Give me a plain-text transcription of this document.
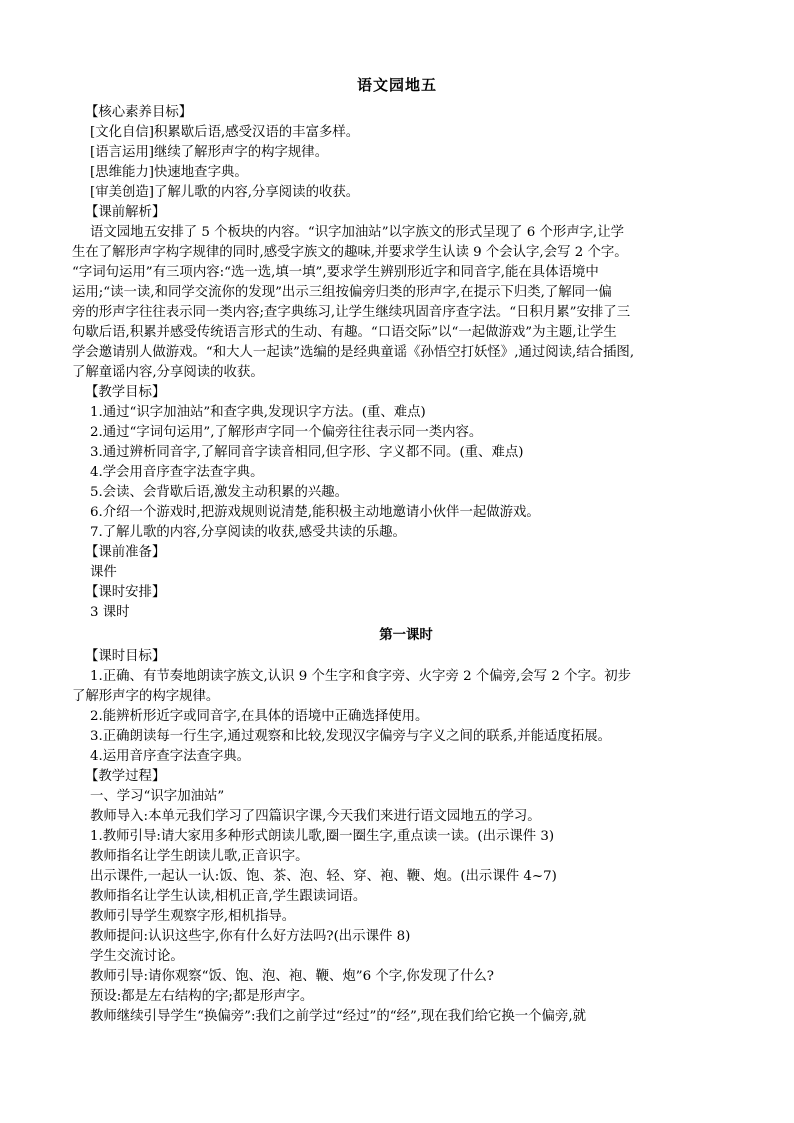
语文园地五
【核心素养目标】
[文化自信]积累歇后语,感受汉语的丰富多样。
[语言运用]继续了解形声字的构字规律。
[思维能力]快速地查字典。
[审美创造]了解儿歌的内容,分享阅读的收获。
【课前解析】
语文园地五安排了 5 个板块的内容。“识字加油站”以字族文的形式呈现了 6 个形声字,让学
生在了解形声字构字规律的同时,感受字族文的趣味,并要求学生认读 9 个会认字,会写 2 个字。
“字词句运用”有三项内容:“选一选,填一填”,要求学生辨别形近字和同音字,能在具体语境中
运用;“读一读,和同学交流你的发现”出示三组按偏旁归类的形声字,在提示下归类,了解同一偏
旁的形声字往往表示同一类内容;查字典练习,让学生继续巩固音序查字法。“日积月累”安排了三
句歇后语,积累并感受传统语言形式的生动、有趣。“口语交际”以“一起做游戏”为主题,让学生
学会邀请别人做游戏。“和大人一起读”选编的是经典童谣《孙悟空打妖怪》,通过阅读,结合插图,
了解童谣内容,分享阅读的收获。
【教学目标】
1.通过“识字加油站”和查字典,发现识字方法。(重、难点)
2.通过“字词句运用”,了解形声字同一个偏旁往往表示同一类内容。
3.通过辨析同音字,了解同音字读音相同,但字形、字义都不同。(重、难点)
4.学会用音序查字法查字典。
5.会读、会背歇后语,激发主动积累的兴趣。
6.介绍一个游戏时,把游戏规则说清楚,能积极主动地邀请小伙伴一起做游戏。
7.了解儿歌的内容,分享阅读的收获,感受共读的乐趣。
【课前准备】
课件
【课时安排】
3 课时
第一课时
【课时目标】
1.正确、有节奏地朗读字族文,认识 9 个生字和食字旁、火字旁 2 个偏旁,会写 2 个字。初步
了解形声字的构字规律。
2.能辨析形近字或同音字,在具体的语境中正确选择使用。
3.正确朗读每一行生字,通过观察和比较,发现汉字偏旁与字义之间的联系,并能适度拓展。
4.运用音序查字法查字典。
【教学过程】
一、学习“识字加油站”
教师导入:本单元我们学习了四篇识字课,今天我们来进行语文园地五的学习。
1.教师引导:请大家用多种形式朗读儿歌,圈一圈生字,重点读一读。(出示课件 3)
教师指名让学生朗读儿歌,正音识字。
出示课件,一起认一认:饭、饱、茶、泡、轻、穿、袍、鞭、炮。(出示课件 4~7)
教师指名让学生认读,相机正音,学生跟读词语。
教师引导学生观察字形,相机指导。
教师提问:认识这些字,你有什么好方法吗?(出示课件 8)
学生交流讨论。
教师引导:请你观察“饭、饱、泡、袍、鞭、炮”6 个字,你发现了什么?
预设:都是左右结构的字;都是形声字。
教师继续引导学生“换偏旁”:我们之前学过“经过”的“经”,现在我们给它换一个偏旁,就
